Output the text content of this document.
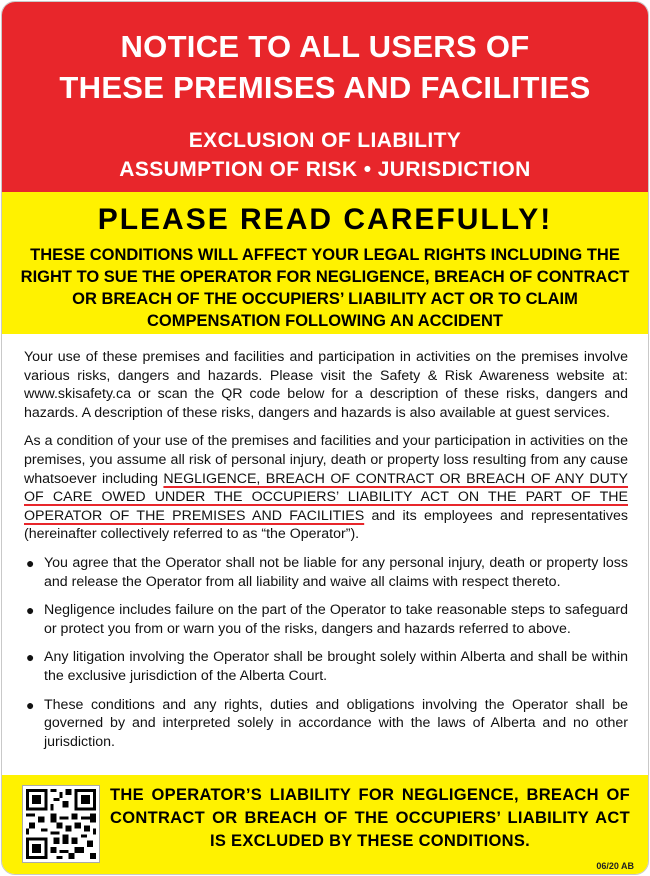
NOTICE TO ALL USERS OF
THESE PREMISES AND FACILITIES
EXCLUSION OF LIABILITY
ASSUMPTION OF RISK • JURISDICTION
PLEASE READ CAREFULLY!
THESE CONDITIONS WILL AFFECT YOUR LEGAL RIGHTS INCLUDING THE RIGHT TO SUE THE OPERATOR FOR NEGLIGENCE, BREACH OF CONTRACT OR BREACH OF THE OCCUPIERS’ LIABILITY ACT OR TO CLAIM COMPENSATION FOLLOWING AN ACCIDENT

Your use of these premises and facilities and participation in activities on the premises involve various risks, dangers and hazards. Please visit the Safety & Risk Awareness website at: www.skisafety.ca or scan the QR code below for a description of these risks, dangers and hazards. A description of these risks, dangers and hazards is also available at guest services.

As a condition of your use of the premises and facilities and your participation in activities on the premises, you assume all risk of personal injury, death or property loss resulting from any cause whatsoever including NEGLIGENCE, BREACH OF CONTRACT OR BREACH OF ANY DUTY OF CARE OWED UNDER THE OCCUPIERS’ LIABILITY ACT ON THE PART OF THE OPERATOR OF THE PREMISES AND FACILITIES and its employees and representatives (hereinafter collectively referred to as “the Operator”).

● You agree that the Operator shall not be liable for any personal injury, death or property loss and release the Operator from all liability and waive all claims with respect thereto.
● Negligence includes failure on the part of the Operator to take reasonable steps to safeguard or protect you from or warn you of the risks, dangers and hazards referred to above.
● Any litigation involving the Operator shall be brought solely within Alberta and shall be within the exclusive jurisdiction of the Alberta Court.
● These conditions and any rights, duties and obligations involving the Operator shall be governed by and interpreted solely in accordance with the laws of Alberta and no other jurisdiction.
THE OPERATOR’S LIABILITY FOR NEGLIGENCE, BREACH OF CONTRACT OR BREACH OF THE OCCUPIERS’ LIABILITY ACT IS EXCLUDED BY THESE CONDITIONS.
06/20 AB
